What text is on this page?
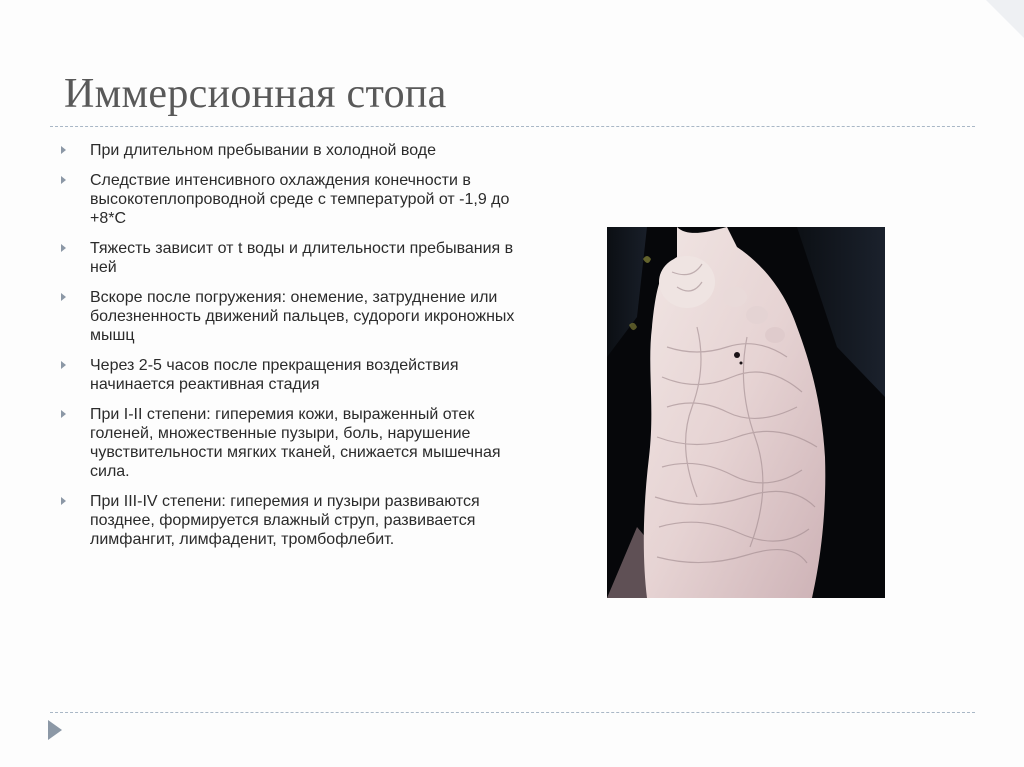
Иммерсионная стопа
При длительном пребывании в холодной воде
Следствие интенсивного охлаждения конечности в высокотеплопроводной среде с температурой от -1,9 до +8*С
Тяжесть зависит от t воды и длительности пребывания в ней
Вскоре после погружения: онемение, затруднение или болезненность движений пальцев, судороги икроножных мышц
Через 2-5 часов после прекращения воздействия начинается реактивная стадия
При I-II степени: гиперемия кожи, выраженный отек голеней, множественные пузыри, боль, нарушение чувствительности мягких тканей, снижается мышечная сила.
При III-IV степени: гиперемия и пузыри развиваются позднее, формируется влажный струп, развивается лимфангит, лимфаденит, тромбофлебит.
